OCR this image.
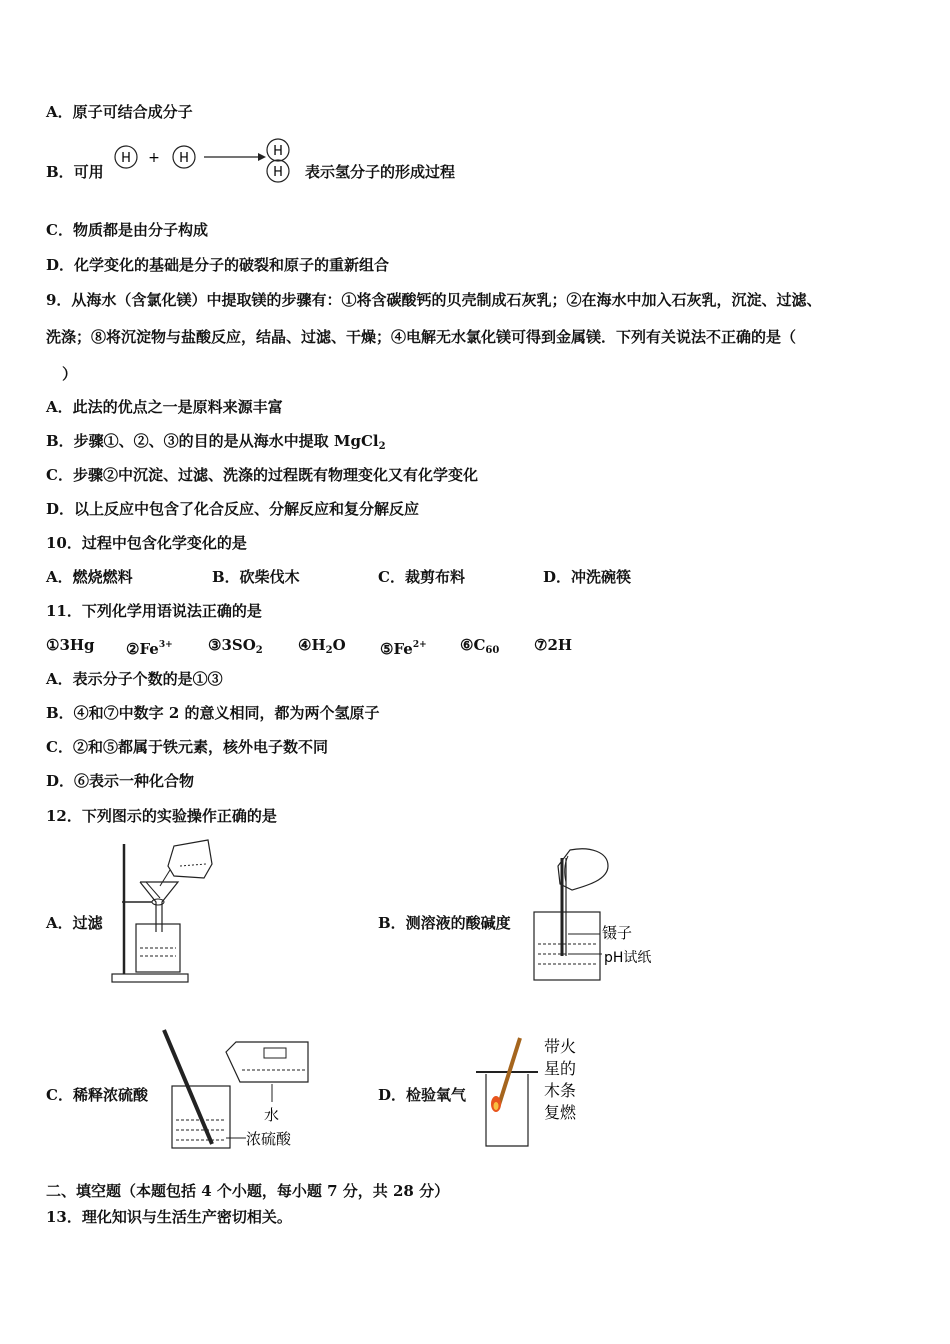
A．原子可结合成分子
B．可用
H + H	H
H 表示氢分子的形成过程
C．物质都是由分子构成
D．化学变化的基础是分子的破裂和原子的重新组合
9．从海水（含氯化镁）中提取镁的步骤有：①将含碳酸钙的贝壳制成石灰乳；②在海水中加入石灰乳，沉淀、过滤、
洗涤；⑧将沉淀物与盐酸反应，结晶、过滤、干燥；④电解无水氯化镁可得到金属镁．下列有关说法不正确的是（
）
A．此法的优点之一是原料来源丰富
B．步骤①、②、③的目的是从海水中提取 MgCl$_2$
C．步骤②中沉淀、过滤、洗涤的过程既有物理变化又有化学变化
D．以上反应中包含了化合反应、分解反应和复分解反应
10．过程中包含化学变化的是
A．燃烧燃料	B．砍柴伐木	C．裁剪布料	D．冲洗碗筷
11．下列化学用语说法正确的是
①3Hg $②Fe^{3+}$ $③3SO_2$ $④H_2O$ $⑤Fe^{2+}$ $⑥C_{60}$ ⑦2H
A．表示分子个数的是①③
B．④和⑦中数字 2 的意义相同，都为两个氢原子
C．②和⑤都属于铁元素，核外电子数不同
D．⑥表示一种化合物
12．下列图示的实验操作正确的是
A．过滤	B．测溶液的酸碱度
镊子
pH试纸
C．稀释浓硫酸
水
浓硫酸
D．检验氧气
带火
星的
木条
复燃
二、填空题（本题包括 4 个小题，每小题 7 分，共 28 分）
13．理化知识与生活生产密切相关。
